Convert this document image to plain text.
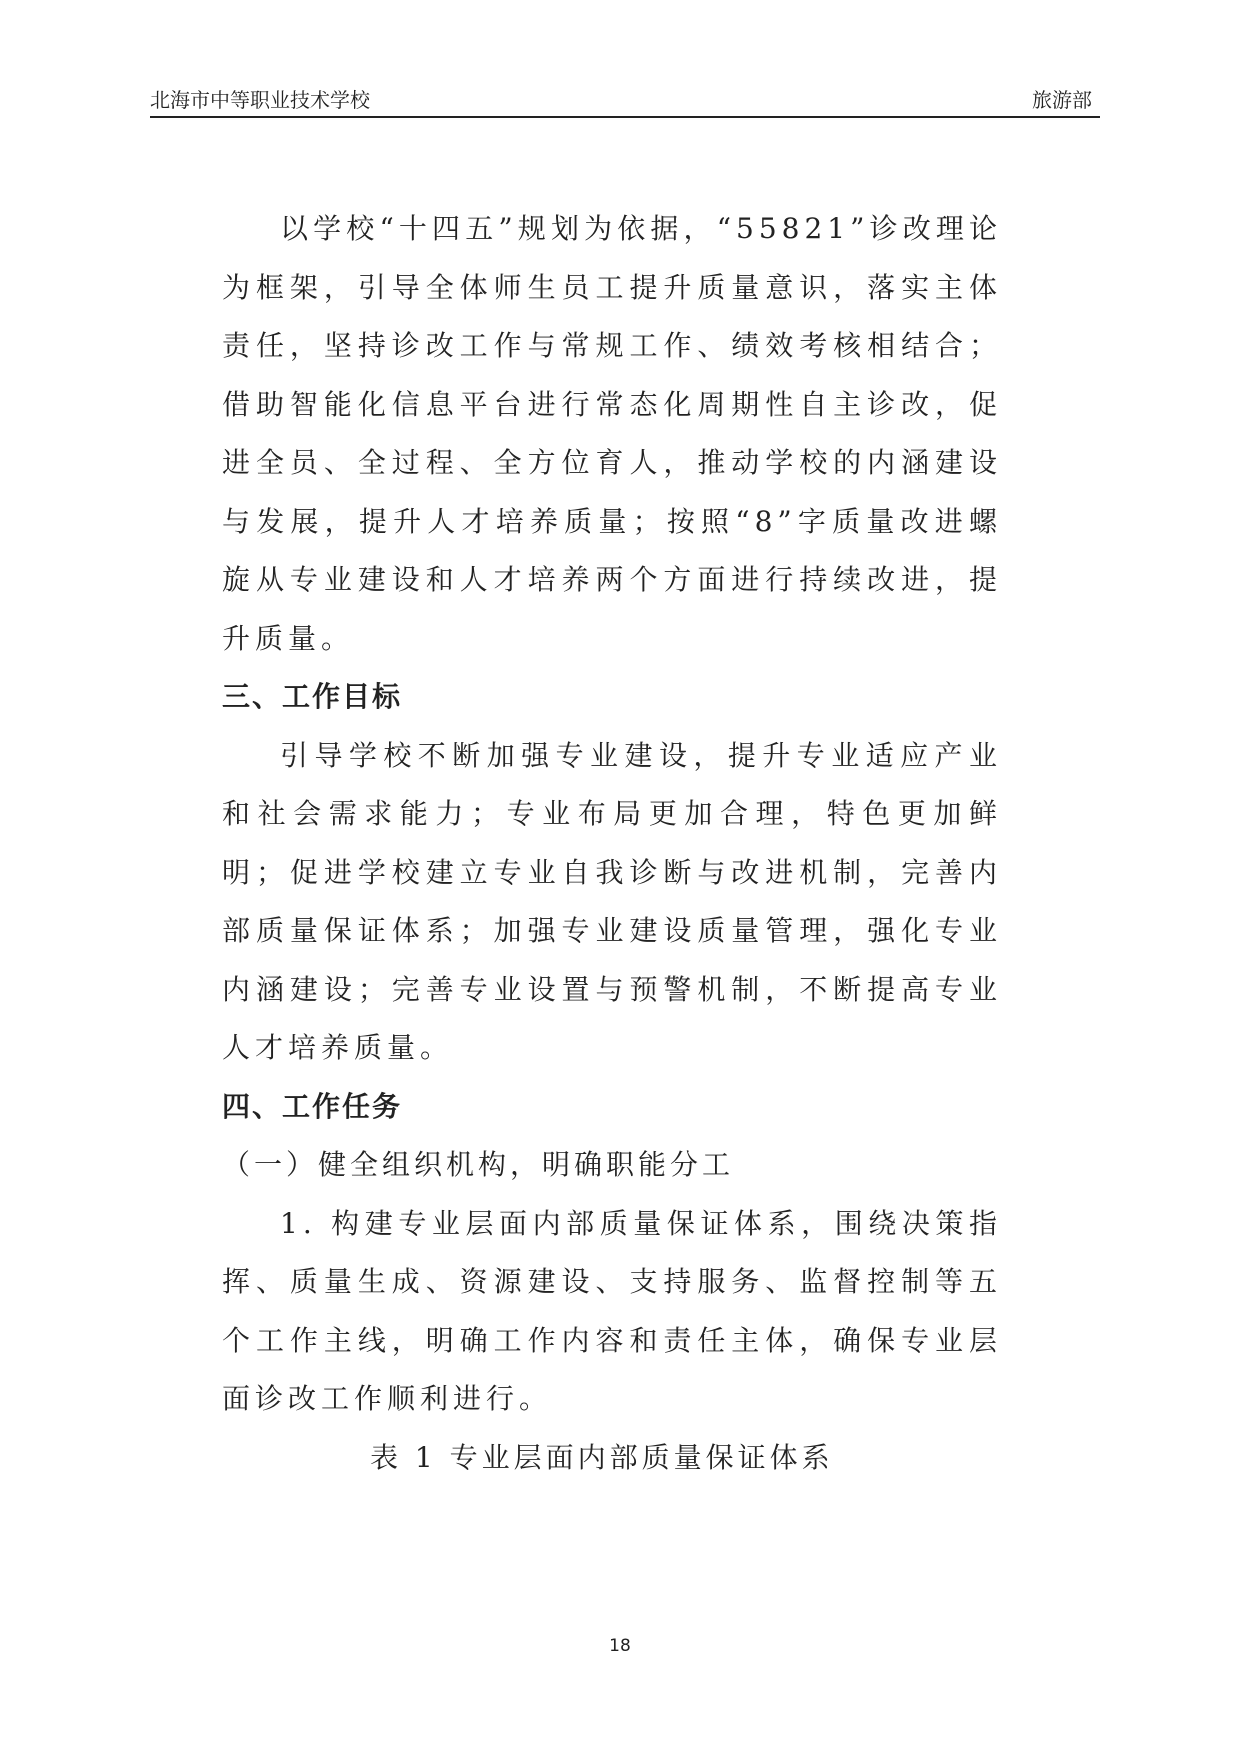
北海市中等职业技术学校	旅游部

以学校“十四五”规划为依据，“55821”诊改理论为框架，引导全体师生员工提升质量意识，落实主体责任，坚持诊改工作与常规工作、绩效考核相结合；借助智能化信息平台进行常态化周期性自主诊改，促进全员、全过程、全方位育人，推动学校的内涵建设与发展，提升人才培养质量；按照“8”字质量改进螺旋从专业建设和人才培养两个方面进行持续改进，提升质量。

三、工作目标

引导学校不断加强专业建设，提升专业适应产业和社会需求能力；专业布局更加合理，特色更加鲜明；促进学校建立专业自我诊断与改进机制，完善内部质量保证体系；加强专业建设质量管理，强化专业内涵建设；完善专业设置与预警机制，不断提高专业人才培养质量。

四、工作任务

（一）健全组织机构，明确职能分工

1. 构建专业层面内部质量保证体系，围绕决策指挥、质量生成、资源建设、支持服务、监督控制等五个工作主线，明确工作内容和责任主体，确保专业层面诊改工作顺利进行。

表 1 专业层面内部质量保证体系

18
